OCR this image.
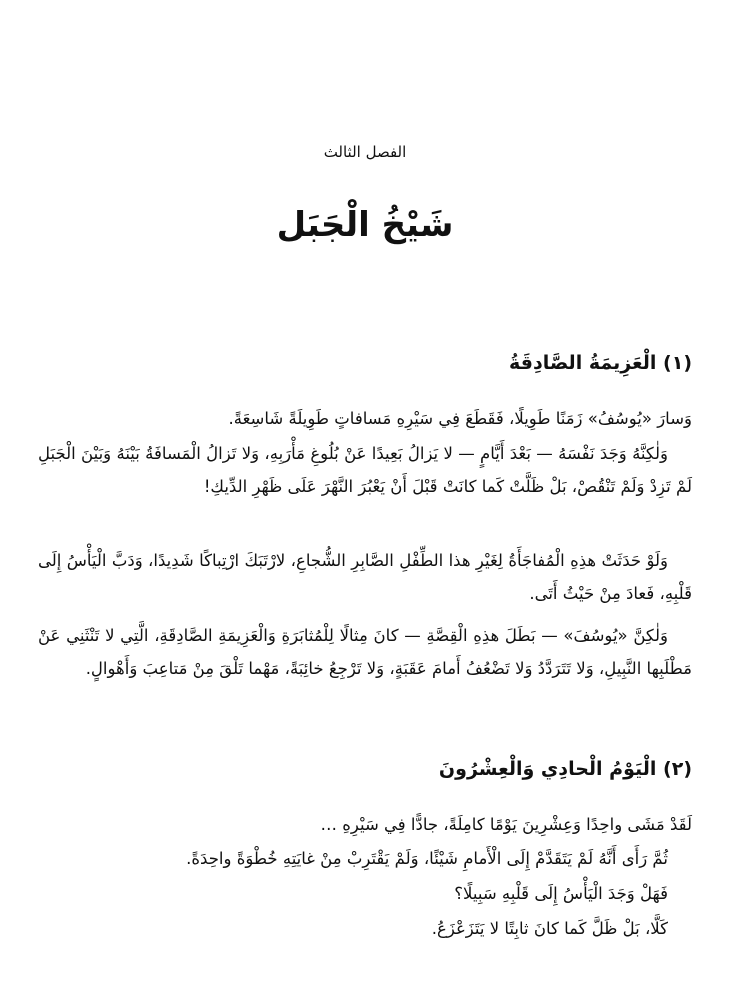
الفصل الثالث
شَيْخُ الْجَبَل
(١) الْعَزِيمَةُ الصَّادِقَةُ

وَسارَ «يُوسُفُ» زَمَنًا طَوِيلًا، فَقَطَعَ فِي سَيْرِهِ مَسافاتٍ طَوِيلَةً شَاسِعَةً.

وَلٰكِنَّهُ وَجَدَ نَفْسَهُ — بَعْدَ أَيَّامٍ — لا يَزالُ بَعِيدًا عَنْ بُلُوغِ مَأْرَبِهِ، وَلا تَزالُ الْمَسافَةُ بَيْنَهُ وَبَيْنَ الْجَبَلِ لَمْ تَزِدْ وَلَمْ تَنْقُصْ، بَلْ ظَلَّتْ كَما كانَتْ قَبْلَ أَنْ يَعْبُرَ النَّهْرَ عَلَى ظَهْرِ الدِّيكِ!

وَلَوْ حَدَثَتْ هذِهِ الْمُفاجَأَةُ لِغَيْرِ هذا الطِّفْلِ الصَّابِرِ الشُّجاعِ، لارْتَبَكَ ارْتِباكًا شَدِيدًا، وَدَبَّ الْيَأْسُ إِلَى قَلْبِهِ، فَعادَ مِنْ حَيْثُ أَتَى.

وَلٰكِنَّ «يُوسُفَ» — بَطَلَ هذِهِ الْقِصَّةِ — كانَ مِثالًا لِلْمُثابَرَةِ وَالْعَزِيمَةِ الصَّادِقَةِ، الَّتِي لا تَنْثَنِي عَنْ مَطْلَبِها النَّبِيلِ، وَلا تَتَرَدَّدُ وَلا تَضْعُفُ أَمامَ عَقَبَةٍ، وَلا تَرْجِعُ خائِبَةً، مَهْما تَلْقَ مِنْ مَتاعِبَ وَأَهْوالٍ.

(٢) الْيَوْمُ الْحادِي وَالْعِشْرُونَ

لَقَدْ مَشَى واحِدًا وَعِشْرِينَ يَوْمًا كامِلَةً، جادًّا فِي سَيْرِهِ …

ثُمَّ رَأَى أَنَّهُ لَمْ يَتَقَدَّمْ إِلَى الْأَمامِ شَيْئًا، وَلَمْ يَقْتَرِبْ مِنْ غايَتِهِ خُطْوَةً واحِدَةً.

فَهَلْ وَجَدَ الْيَأْسُ إِلَى قَلْبِهِ سَبِيلًا؟

كَلَّا، بَلْ ظَلَّ كَما كانَ ثابِتًا لا يَتَزَعْزَعُ.
